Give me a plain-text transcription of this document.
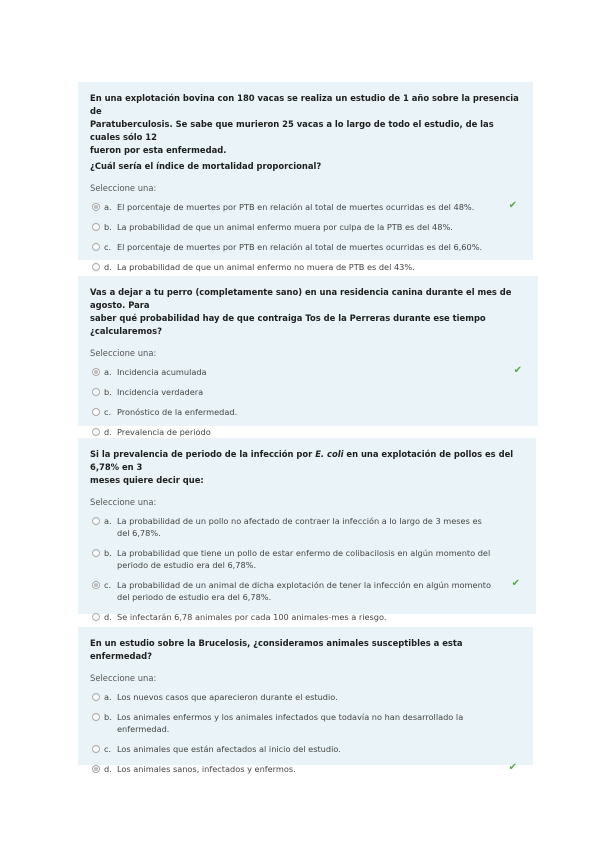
En una explotación bovina con 180 vacas se realiza un estudio de 1 año sobre la presencia de
Paratuberculosis. Se sabe que murieron 25 vacas a lo largo de todo el estudio, de las cuales sólo 12
fueron por esta enfermedad.
¿Cuál sería el índice de mortalidad proporcional?
Seleccione una:
a. El porcentaje de muertes por PTB en relación al total de muertes ocurridas es del 48%.	✔
b. La probabilidad de que un animal enfermo muera por culpa de la PTB es del 48%.
c. El porcentaje de muertes por PTB en relación al total de muertes ocurridas es del 6,60%.
d. La probabilidad de que un animal enfermo no muera de PTB es del 43%.
Vas a dejar a tu perro (completamente sano) en una residencia canina durante el mes de agosto. Para
saber qué probabilidad hay de que contraiga Tos de la Perreras durante ese tiempo ¿calcularemos?
Seleccione una:
a. Incidencia acumulada	✔
b. Incidencia verdadera
c. Pronóstico de la enfermedad.
d. Prevalencia de periodo
Si la prevalencia de periodo de la infección por E. coli en una explotación de pollos es del 6,78% en 3
meses quiere decir que:
Seleccione una:
a. La probabilidad de un pollo no afectado de contraer la infección a lo largo de 3 meses es del 6,78%.
b. La probabilidad que tiene un pollo de estar enfermo de colibacilosis en algún momento del periodo de estudio era del 6,78%.
c. La probabilidad de un animal de dicha explotación de tener la infección en algún momento del periodo de estudio era del 6,78%.
✔
d. Se infectarán 6,78 animales por cada 100 animales-mes a riesgo.
En un estudio sobre la Brucelosis, ¿consideramos animales susceptibles a esta enfermedad?
Seleccione una:
a. Los nuevos casos que aparecieron durante el estudio.
b. Los animales enfermos y los animales infectados que todavía no han desarrollado la enfermedad.
c. Los animales que están afectados al inicio del estudio.
d. Los animales sanos, infectados y enfermos.	✔
